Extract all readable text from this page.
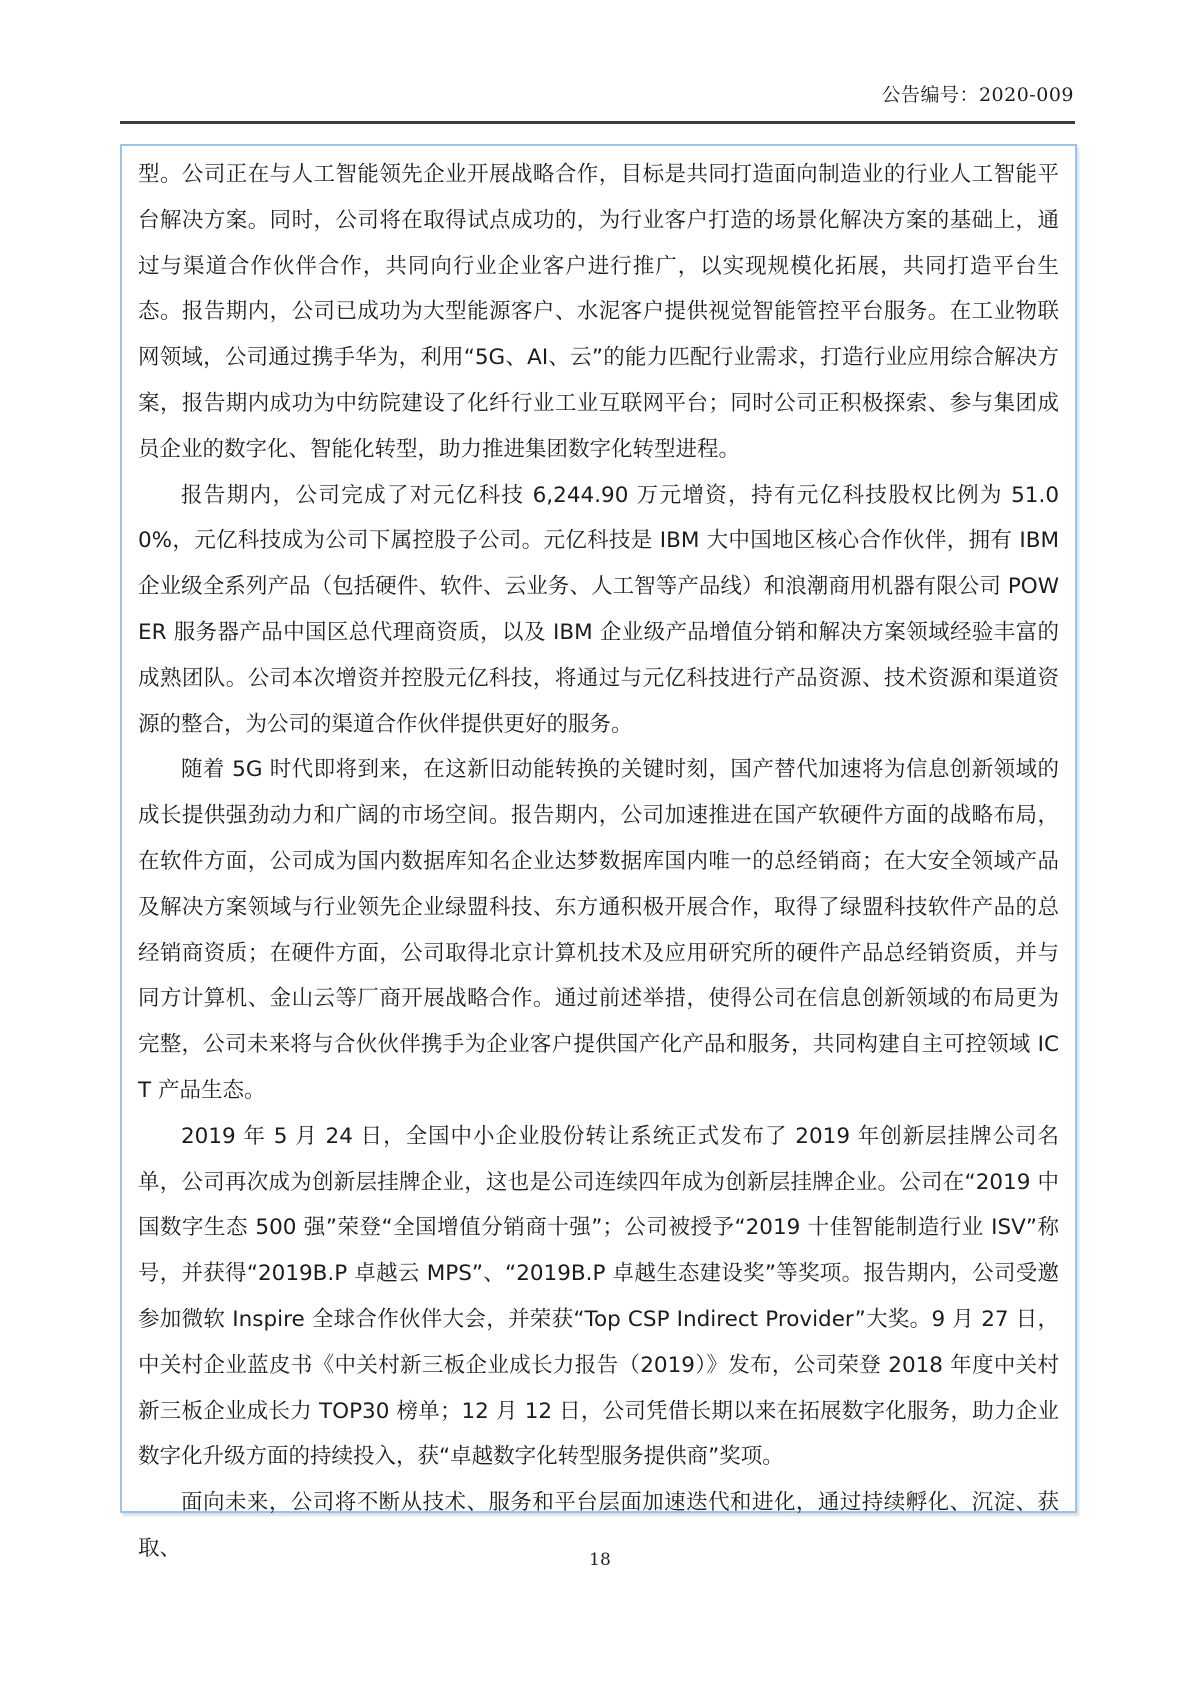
公告编号：2020-009

型。公司正在与人工智能领先企业开展战略合作，目标是共同打造面向制造业的行业人工智能平台解决方案。同时，公司将在取得试点成功的，为行业客户打造的场景化解决方案的基础上，通过与渠道合作伙伴合作，共同向行业企业客户进行推广，以实现规模化拓展，共同打造平台生态。报告期内，公司已成功为大型能源客户、水泥客户提供视觉智能管控平台服务。在工业物联网领域，公司通过携手华为，利用“5G、AI、云”的能力匹配行业需求，打造行业应用综合解决方案，报告期内成功为中纺院建设了化纤行业工业互联网平台；同时公司正积极探索、参与集团成员企业的数字化、智能化转型，助力推进集团数字化转型进程。

报告期内，公司完成了对元亿科技 6,244.90 万元增资，持有元亿科技股权比例为 51.00%，元亿科技成为公司下属控股子公司。元亿科技是 IBM 大中国地区核心合作伙伴，拥有 IBM 企业级全系列产品（包括硬件、软件、云业务、人工智等产品线）和浪潮商用机器有限公司 POWER 服务器产品中国区总代理商资质，以及 IBM 企业级产品增值分销和解决方案领域经验丰富的成熟团队。公司本次增资并控股元亿科技，将通过与元亿科技进行产品资源、技术资源和渠道资源的整合，为公司的渠道合作伙伴提供更好的服务。

随着 5G 时代即将到来，在这新旧动能转换的关键时刻，国产替代加速将为信息创新领域的成长提供强劲动力和广阔的市场空间。报告期内，公司加速推进在国产软硬件方面的战略布局，在软件方面，公司成为国内数据库知名企业达梦数据库国内唯一的总经销商；在大安全领域产品及解决方案领域与行业领先企业绿盟科技、东方通积极开展合作，取得了绿盟科技软件产品的总经销商资质；在硬件方面，公司取得北京计算机技术及应用研究所的硬件产品总经销资质，并与同方计算机、金山云等厂商开展战略合作。通过前述举措，使得公司在信息创新领域的布局更为完整，公司未来将与合伙伙伴携手为企业客户提供国产化产品和服务，共同构建自主可控领域 ICT 产品生态。

2019 年 5 月 24 日，全国中小企业股份转让系统正式发布了 2019 年创新层挂牌公司名单，公司再次成为创新层挂牌企业，这也是公司连续四年成为创新层挂牌企业。公司在“2019 中国数字生态 500 强”荣登“全国增值分销商十强”；公司被授予“2019 十佳智能制造行业 ISV”称号，并获得“2019B.P 卓越云 MPS”、“2019B.P 卓越生态建设奖”等奖项。报告期内，公司受邀参加微软 Inspire 全球合作伙伴大会，并荣获“Top CSP Indirect Provider”大奖。9 月 27 日，中关村企业蓝皮书《中关村新三板企业成长力报告（2019）》发布，公司荣登 2018 年度中关村新三板企业成长力 TOP30 榜单；12 月 12 日，公司凭借长期以来在拓展数字化服务，助力企业数字化升级方面的持续投入，获“卓越数字化转型服务提供商”奖项。

面向未来，公司将不断从技术、服务和平台层面加速迭代和进化，通过持续孵化、沉淀、获取、	18
